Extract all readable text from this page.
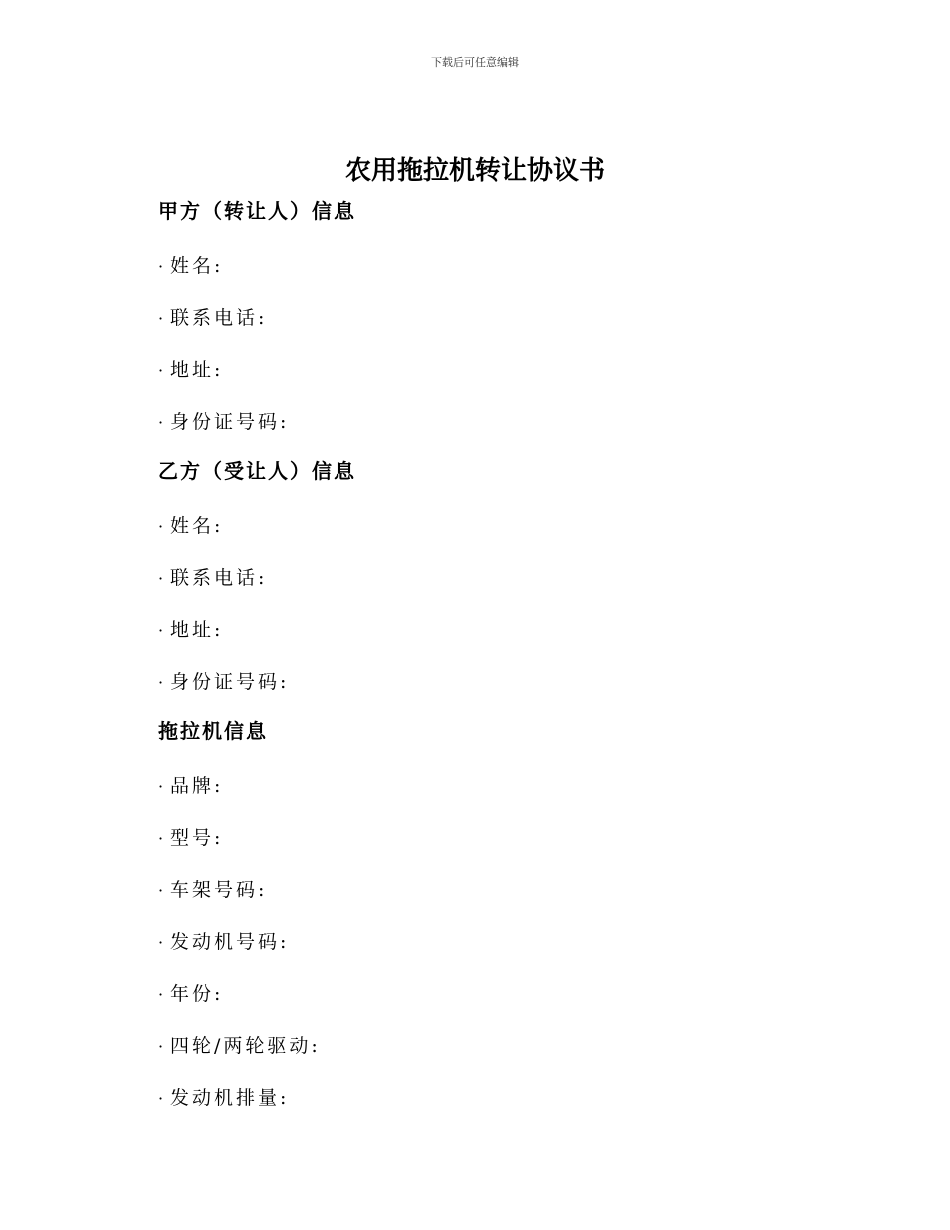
下载后可任意编辑
农用拖拉机转让协议书
甲方（转让人）信息
· 姓名:
· 联系电话:
· 地址:
· 身份证号码:
乙方（受让人）信息
· 姓名:
· 联系电话:
· 地址:
· 身份证号码:
拖拉机信息
· 品牌:
· 型号:
· 车架号码:
· 发动机号码:
· 年份:
· 四轮/两轮驱动:
· 发动机排量:
